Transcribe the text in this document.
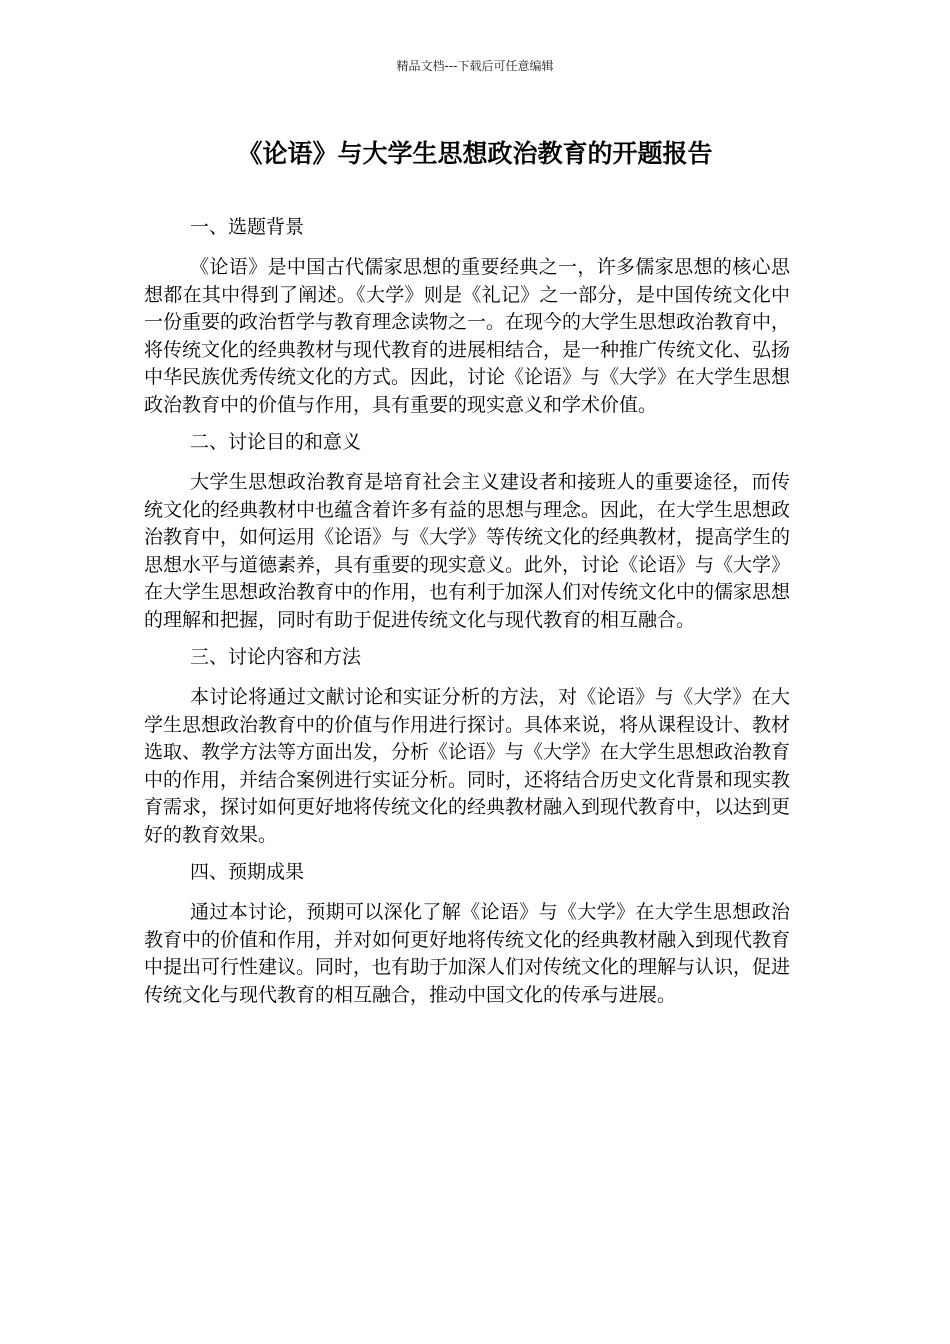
精品文档---下载后可任意编辑
《论语》与大学生思想政治教育的开题报告
一、选题背景

《论语》是中国古代儒家思想的重要经典之一，许多儒家思想的核心思想都在其中得到了阐述。《大学》则是《礼记》之一部分，是中国传统文化中一份重要的政治哲学与教育理念读物之一。在现今的大学生思想政治教育中，将传统文化的经典教材与现代教育的进展相结合，是一种推广传统文化、弘扬中华民族优秀传统文化的方式。因此，讨论《论语》与《大学》在大学生思想政治教育中的价值与作用，具有重要的现实意义和学术价值。

二、讨论目的和意义

大学生思想政治教育是培育社会主义建设者和接班人的重要途径，而传统文化的经典教材中也蕴含着许多有益的思想与理念。因此，在大学生思想政治教育中，如何运用《论语》与《大学》等传统文化的经典教材，提高学生的思想水平与道德素养，具有重要的现实意义。此外，讨论《论语》与《大学》在大学生思想政治教育中的作用，也有利于加深人们对传统文化中的儒家思想的理解和把握，同时有助于促进传统文化与现代教育的相互融合。

三、讨论内容和方法

本讨论将通过文献讨论和实证分析的方法，对《论语》与《大学》在大学生思想政治教育中的价值与作用进行探讨。具体来说，将从课程设计、教材选取、教学方法等方面出发，分析《论语》与《大学》在大学生思想政治教育中的作用，并结合案例进行实证分析。同时，还将结合历史文化背景和现实教育需求，探讨如何更好地将传统文化的经典教材融入到现代教育中，以达到更好的教育效果。

四、预期成果

通过本讨论，预期可以深化了解《论语》与《大学》在大学生思想政治教育中的价值和作用，并对如何更好地将传统文化的经典教材融入到现代教育中提出可行性建议。同时，也有助于加深人们对传统文化的理解与认识，促进传统文化与现代教育的相互融合，推动中国文化的传承与进展。
